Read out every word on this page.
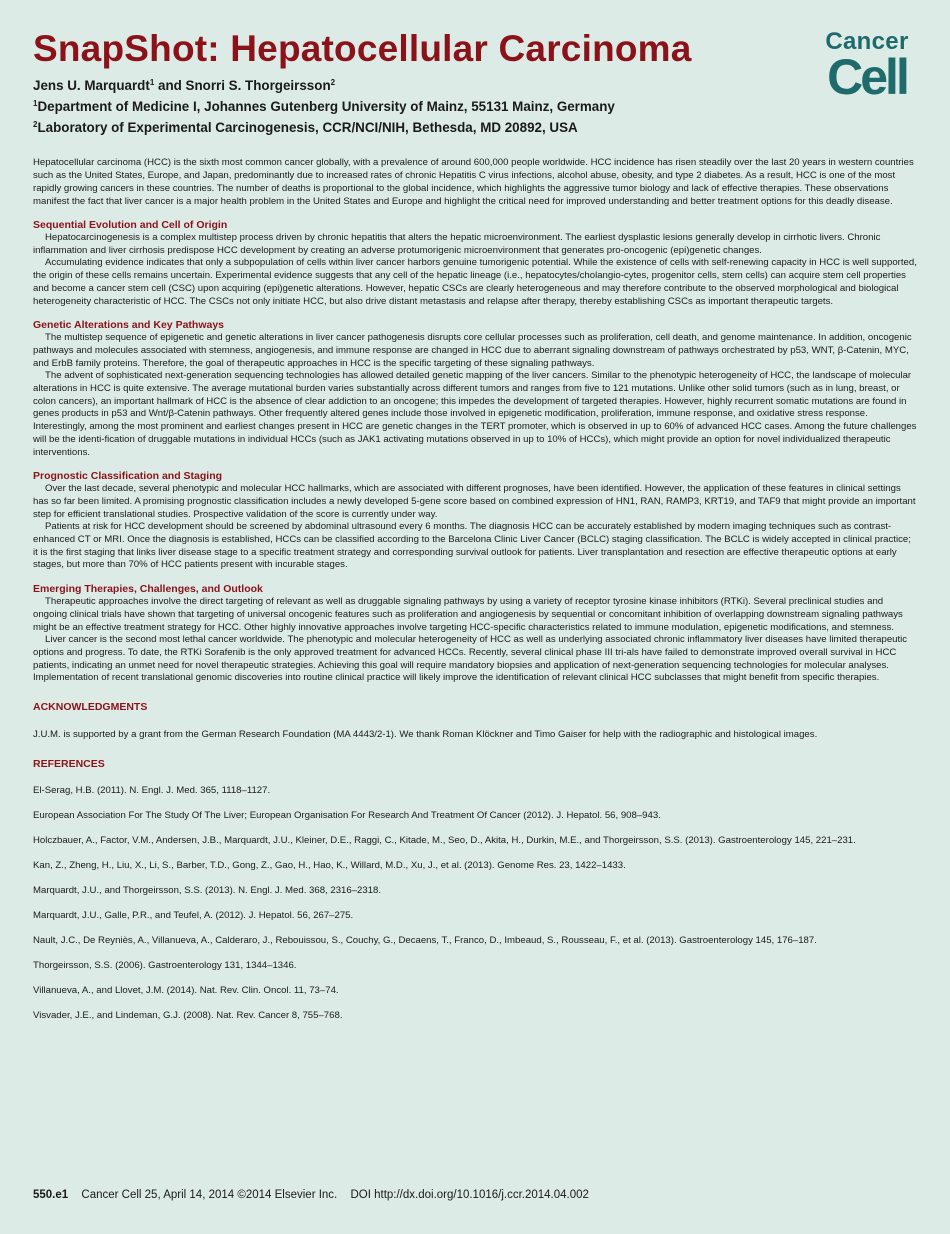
Cancer
Cell
SnapShot: Hepatocellular Carcinoma
Jens U. Marquardt$^1$ and Snorri S. Thorgeirsson$^2$
$^1$Department of Medicine I, Johannes Gutenberg University of Mainz, 55131 Mainz, Germany
$^2$Laboratory of Experimental Carcinogenesis, CCR/NCI/NIH, Bethesda, MD 20892, USA
Hepatocellular carcinoma (HCC) is the sixth most common cancer globally, with a prevalence of around 600,000 people worldwide. HCC incidence has risen steadily over the last 20 years in western countries such as the United States, Europe, and Japan, predominantly due to increased rates of chronic Hepatitis C virus infections, alcohol abuse, obesity, and type 2 diabetes. As a result, HCC is one of the most rapidly growing cancers in these countries. The number of deaths is proportional to the global incidence, which highlights the aggressive tumor biology and lack of effective therapies. These observations manifest the fact that liver cancer is a major health problem in the United States and Europe and highlight the critical need for improved understanding and better treatment options for this deadly disease.
Sequential Evolution and Cell of Origin

Hepatocarcinogenesis is a complex multistep process driven by chronic hepatitis that alters the hepatic microenvironment. The earliest dysplastic lesions generally develop in cirrhotic livers. Chronic inflammation and liver cirrhosis predispose HCC development by creating an adverse protumorigenic microenvironment that generates pro-oncogenic (epi)genetic changes.

Accumulating evidence indicates that only a subpopulation of cells within liver cancer harbors genuine tumorigenic potential. While the existence of cells with self-renewing capacity in HCC is well supported, the origin of these cells remains uncertain. Experimental evidence suggests that any cell of the hepatic lineage (i.e., hepatocytes/cholangio-cytes, progenitor cells, stem cells) can acquire stem cell properties and become a cancer stem cell (CSC) upon acquiring (epi)genetic alterations. However, hepatic CSCs are clearly heterogeneous and may therefore contribute to the observed morphological and biological heterogeneity characteristic of HCC. The CSCs not only initiate HCC, but also drive distant metastasis and relapse after therapy, thereby establishing CSCs as important therapeutic targets.

Genetic Alterations and Key Pathways

The multistep sequence of epigenetic and genetic alterations in liver cancer pathogenesis disrupts core cellular processes such as proliferation, cell death, and genome maintenance. In addition, oncogenic pathways and molecules associated with stemness, angiogenesis, and immune response are changed in HCC due to aberrant signaling downstream of pathways orchestrated by p53, WNT, β-Catenin, MYC, and ErbB family proteins. Therefore, the goal of therapeutic approaches in HCC is the specific targeting of these signaling pathways.

The advent of sophisticated next-generation sequencing technologies has allowed detailed genetic mapping of the liver cancers. Similar to the phenotypic heterogeneity of HCC, the landscape of molecular alterations in HCC is quite extensive. The average mutational burden varies substantially across different tumors and ranges from five to 121 mutations. Unlike other solid tumors (such as in lung, breast, or colon cancers), an important hallmark of HCC is the absence of clear addiction to an oncogene; this impedes the development of targeted therapies. However, highly recurrent somatic mutations are found in genes products in p53 and Wnt/β-Catenin pathways. Other frequently altered genes include those involved in epigenetic modification, proliferation, immune response, and oxidative stress response. Interestingly, among the most prominent and earliest changes present in HCC are genetic changes in the TERT promoter, which is observed in up to 60% of advanced HCC cases. Among the future challenges will be the identi-fication of druggable mutations in individual HCCs (such as JAK1 activating mutations observed in up to 10% of HCCs), which might provide an option for novel individualized therapeutic interventions.

Prognostic Classification and Staging

Over the last decade, several phenotypic and molecular HCC hallmarks, which are associated with different prognoses, have been identified. However, the application of these features in clinical settings has so far been limited. A promising prognostic classification includes a newly developed 5-gene score based on combined expression of HN1, RAN, RAMP3, KRT19, and TAF9 that might provide an important step for efficient translational studies. Prospective validation of the score is currently under way.

Patients at risk for HCC development should be screened by abdominal ultrasound every 6 months. The diagnosis HCC can be accurately established by modern imaging techniques such as contrast-enhanced CT or MRI. Once the diagnosis is established, HCCs can be classified according to the Barcelona Clinic Liver Cancer (BCLC) staging classification. The BCLC is widely accepted in clinical practice; it is the first staging that links liver disease stage to a specific treatment strategy and corresponding survival outlook for patients. Liver transplantation and resection are effective therapeutic options at early stages, but more than 70% of HCC patients present with incurable stages.

Emerging Therapies, Challenges, and Outlook

Therapeutic approaches involve the direct targeting of relevant as well as druggable signaling pathways by using a variety of receptor tyrosine kinase inhibitors (RTKi). Several preclinical studies and ongoing clinical trials have shown that targeting of universal oncogenic features such as proliferation and angiogenesis by sequential or concomitant inhibition of overlapping downstream signaling pathways might be an effective treatment strategy for HCC. Other highly innovative approaches involve targeting HCC-specific characteristics related to immune modulation, epigenetic modifications, and stemness.

Liver cancer is the second most lethal cancer worldwide. The phenotypic and molecular heterogeneity of HCC as well as underlying associated chronic inflammatory liver diseases have limited therapeutic options and progress. To date, the RTKi Sorafenib is the only approved treatment for advanced HCCs. Recently, several clinical phase III tri-als have failed to demonstrate improved overall survival in HCC patients, indicating an unmet need for novel therapeutic strategies. Achieving this goal will require mandatory biopsies and application of next-generation sequencing technologies for molecular analyses. Implementation of recent translational genomic discoveries into routine clinical practice will likely improve the identification of relevant clinical HCC subclasses that might benefit from specific therapies.

ACKNOWLEDGMENTS
J.U.M. is supported by a grant from the German Research Foundation (MA 4443/2-1). We thank Roman Klöckner and Timo Gaiser for help with the radiographic and histological images.
REFERENCES
El-Serag, H.B. (2011). N. Engl. J. Med. 365, 1118–1127.
European Association For The Study Of The Liver; European Organisation For Research And Treatment Of Cancer (2012). J. Hepatol. 56, 908–943.
Holczbauer, A., Factor, V.M., Andersen, J.B., Marquardt, J.U., Kleiner, D.E., Raggi, C., Kitade, M., Seo, D., Akita, H., Durkin, M.E., and Thorgeirsson, S.S. (2013). Gastroenterology 145, 221–231.
Kan, Z., Zheng, H., Liu, X., Li, S., Barber, T.D., Gong, Z., Gao, H., Hao, K., Willard, M.D., Xu, J., et al. (2013). Genome Res. 23, 1422–1433.
Marquardt, J.U., and Thorgeirsson, S.S. (2013). N. Engl. J. Med. 368, 2316–2318.
Marquardt, J.U., Galle, P.R., and Teufel, A. (2012). J. Hepatol. 56, 267–275.
Nault, J.C., De Reyniès, A., Villanueva, A., Calderaro, J., Rebouissou, S., Couchy, G., Decaens, T., Franco, D., Imbeaud, S., Rousseau, F., et al. (2013). Gastroenterology 145, 176–187.
Thorgeirsson, S.S. (2006). Gastroenterology 131, 1344–1346.
Villanueva, A., and Llovet, J.M. (2014). Nat. Rev. Clin. Oncol. 11, 73–74.
Visvader, J.E., and Lindeman, G.J. (2008). Nat. Rev. Cancer 8, 755–768.
550.e1 Cancer Cell 25, April 14, 2014 ©2014 Elsevier Inc. DOI http://dx.doi.org/10.1016/j.ccr.2014.04.002
